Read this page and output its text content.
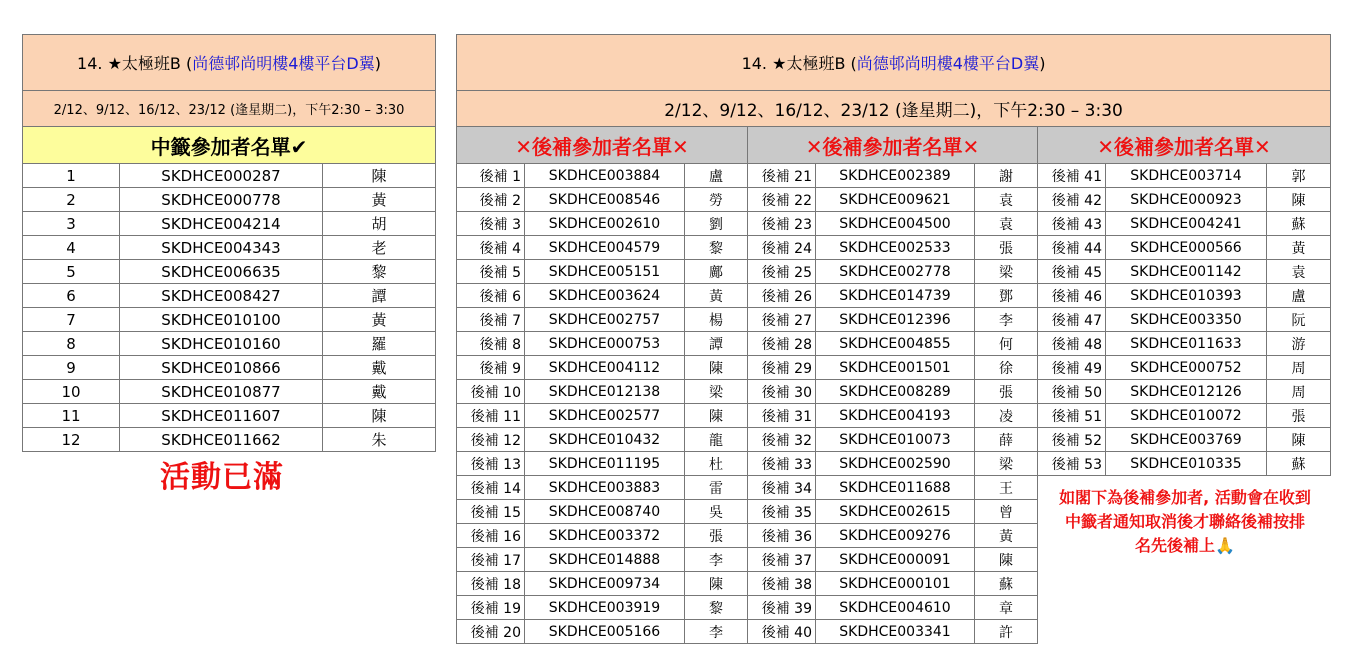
14. ★太極班B (尚德邨尚明樓4樓平台D翼)		
2/12、9/12、16/12、23/12 (逢星期二)，下午2:30 – 3:30		
中籤參加者名單✔		
1	SKDHCE000287	陳
2	SKDHCE000778	黃
3	SKDHCE004214	胡
4	SKDHCE004343	老
5	SKDHCE006635	黎
6	SKDHCE008427	譚
7	SKDHCE010100	黃
8	SKDHCE010160	羅
9	SKDHCE010866	戴
10	SKDHCE010877	戴
11	SKDHCE011607	陳
12	SKDHCE011662	朱
活動已滿
14. ★太極班B (尚德邨尚明樓4樓平台D翼)								
2/12、9/12、16/12、23/12 (逢星期二)，下午2:30 – 3:30								
✕後補參加者名單✕			✕後補參加者名單✕			✕後補參加者名單✕		
後補 1	SKDHCE003884	盧	後補 21	SKDHCE002389	謝	後補 41	SKDHCE003714	郭
後補 2	SKDHCE008546	勞	後補 22	SKDHCE009621	袁	後補 42	SKDHCE000923	陳
後補 3	SKDHCE002610	劉	後補 23	SKDHCE004500	袁	後補 43	SKDHCE004241	蘇
後補 4	SKDHCE004579	黎	後補 24	SKDHCE002533	張	後補 44	SKDHCE000566	黃
後補 5	SKDHCE005151	鄺	後補 25	SKDHCE002778	梁	後補 45	SKDHCE001142	袁
後補 6	SKDHCE003624	黃	後補 26	SKDHCE014739	鄧	後補 46	SKDHCE010393	盧
後補 7	SKDHCE002757	楊	後補 27	SKDHCE012396	李	後補 47	SKDHCE003350	阮
後補 8	SKDHCE000753	譚	後補 28	SKDHCE004855	何	後補 48	SKDHCE011633	游
後補 9	SKDHCE004112	陳	後補 29	SKDHCE001501	徐	後補 49	SKDHCE000752	周
後補 10	SKDHCE012138	梁	後補 30	SKDHCE008289	張	後補 50	SKDHCE012126	周
後補 11	SKDHCE002577	陳	後補 31	SKDHCE004193	凌	後補 51	SKDHCE010072	張
後補 12	SKDHCE010432	龍	後補 32	SKDHCE010073	薛	後補 52	SKDHCE003769	陳
後補 13	SKDHCE011195	杜	後補 33	SKDHCE002590	梁	後補 53	SKDHCE010335	蘇
後補 14	SKDHCE003883	雷	後補 34	SKDHCE011688	王			
後補 15	SKDHCE008740	吳	後補 35	SKDHCE002615	曾			
後補 16	SKDHCE003372	張	後補 36	SKDHCE009276	黃			
後補 17	SKDHCE014888	李	後補 37	SKDHCE000091	陳			
後補 18	SKDHCE009734	陳	後補 38	SKDHCE000101	蘇			
後補 19	SKDHCE003919	黎	後補 39	SKDHCE004610	章			
後補 20	SKDHCE005166	李	後補 40	SKDHCE003341	許			
如閣下為後補參加者, 活動會在收到
中籤者通知取消後才聯絡後補按排
名先後補上🙏
